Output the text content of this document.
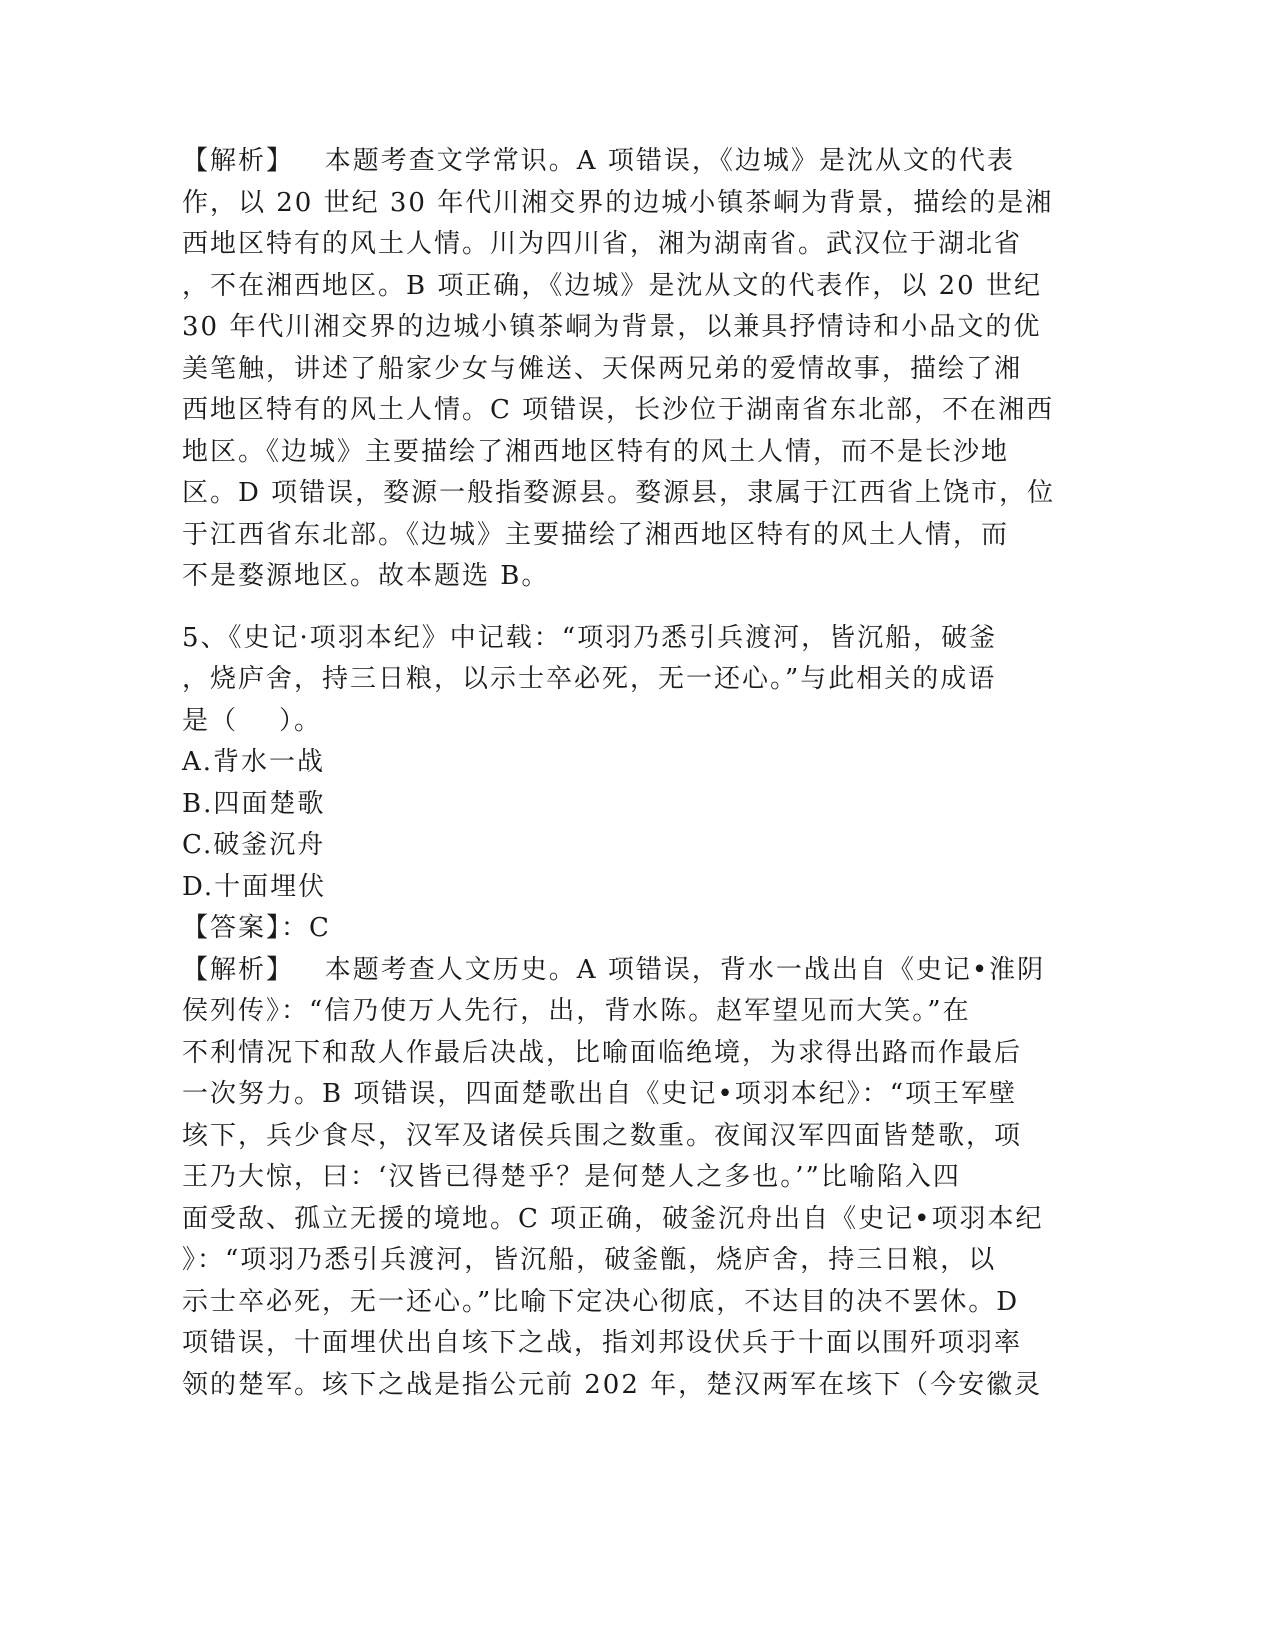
【解析】   本题考查文学常识。A 项错误，《边城》是沈从文的代表
作，以 20 世纪 30 年代川湘交界的边城小镇茶峒为背景，描绘的是湘
西地区特有的风土人情。川为四川省，湘为湖南省。武汉位于湖北省
，不在湘西地区。B 项正确，《边城》是沈从文的代表作，以 20 世纪
30 年代川湘交界的边城小镇茶峒为背景，以兼具抒情诗和小品文的优
美笔触，讲述了船家少女与傩送、天保两兄弟的爱情故事，描绘了湘
西地区特有的风土人情。C 项错误，长沙位于湖南省东北部，不在湘西
地区。《边城》主要描绘了湘西地区特有的风土人情，而不是长沙地
区。D 项错误，婺源一般指婺源县。婺源县，隶属于江西省上饶市，位
于江西省东北部。《边城》主要描绘了湘西地区特有的风土人情，而
不是婺源地区。故本题选 B。
5、《史记·项羽本纪》中记载：“项羽乃悉引兵渡河，皆沉船，破釜
，烧庐舍，持三日粮，以示士卒必死，无一还心。”与此相关的成语
是（    ）。
A.背水一战
B.四面楚歌
C.破釜沉舟
D.十面埋伏
【答案】：C
【解析】   本题考查人文历史。A 项错误，背水一战出自《史记•淮阴
侯列传》：“信乃使万人先行，出，背水陈。赵军望见而大笑。”在
不利情况下和敌人作最后决战，比喻面临绝境，为求得出路而作最后
一次努力。B 项错误，四面楚歌出自《史记•项羽本纪》：“项王军壁
垓下，兵少食尽，汉军及诸侯兵围之数重。夜闻汉军四面皆楚歌，项
王乃大惊，曰：‘汉皆已得楚乎？是何楚人之多也。’”比喻陷入四
面受敌、孤立无援的境地。C 项正确，破釜沉舟出自《史记•项羽本纪
》：“项羽乃悉引兵渡河，皆沉船，破釜甑，烧庐舍，持三日粮，以
示士卒必死，无一还心。”比喻下定决心彻底，不达目的决不罢休。D
项错误，十面埋伏出自垓下之战，指刘邦设伏兵于十面以围歼项羽率
领的楚军。垓下之战是指公元前 202 年，楚汉两军在垓下（今安徽灵
